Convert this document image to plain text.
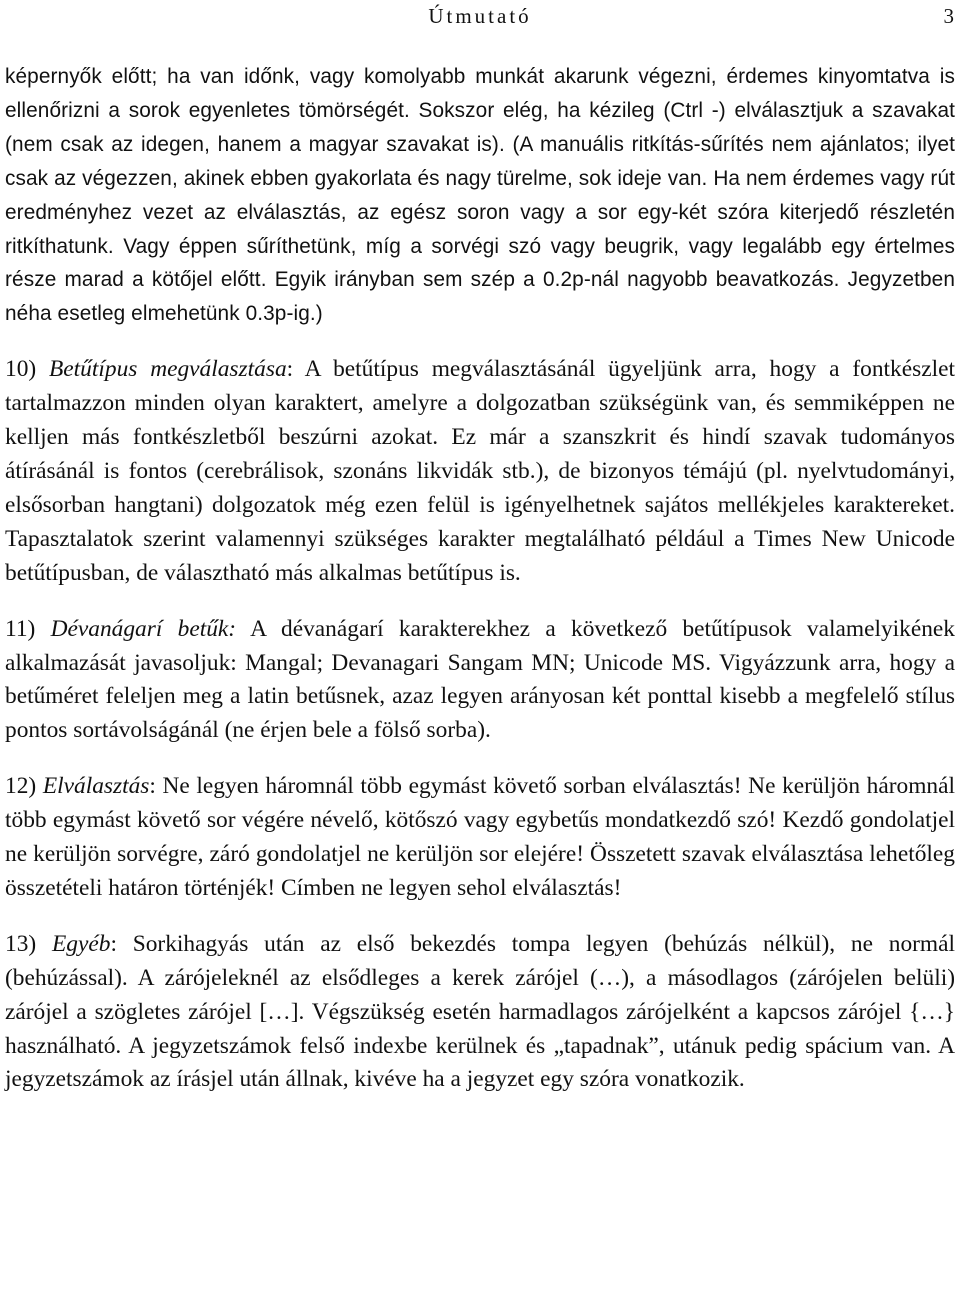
Útmutató	3

képernyők előtt; ha van időnk, vagy komolyabb munkát akarunk végezni, érdemes kinyomtatva is ellenőrizni a sorok egyenletes tömörségét. Sokszor elég, ha kézileg (Ctrl -) elválasztjuk a szavakat (nem csak az idegen, hanem a magyar szavakat is). (A manuális ritkítás-sűrítés nem ajánlatos; ilyet csak az végezzen, akinek ebben gyakorlata és nagy türelme, sok ideje van. Ha nem érdemes vagy rút eredményhez vezet az elválasztás, az egész soron vagy a sor egy-két szóra kiterjedő részletén ritkíthatunk. Vagy éppen sűríthetünk, míg a sorvégi szó vagy beugrik, vagy legalább egy értelmes része marad a kötőjel előtt. Egyik irányban sem szép a 0.2p-nál nagyobb beavatkozás. Jegyzetben néha esetleg elmehetünk 0.3p-ig.)

10) Betűtípus megválasztása: A betűtípus megválasztásánál ügyeljünk arra, hogy a fontkészlet tartalmazzon minden olyan karaktert, amelyre a dolgozatban szükségünk van, és semmiképpen ne kelljen más fontkészletből beszúrni azokat. Ez már a szanszkrit és hindí szavak tudományos átírásánál is fontos (cerebrálisok, szonáns likvidák stb.), de bizonyos témájú (pl. nyelvtudományi, elsősorban hangtani) dolgozatok még ezen felül is igényelhetnek sajátos mellékjeles karaktereket. Tapasztalatok szerint valamennyi szükséges karakter megtalálható például a Times New Unicode betűtípusban, de választható más alkalmas betűtípus is.

11) Dévanágarí betűk: A dévanágarí karakterekhez a következő betűtípusok valamelyikének alkalmazását javasoljuk: Mangal; Devanagari Sangam MN; Unicode MS. Vigyázzunk arra, hogy a betűméret feleljen meg a latin betűsnek, azaz legyen arányosan két ponttal kisebb a megfelelő stílus pontos sortávolságánál (ne érjen bele a fölső sorba).

12) Elválasztás: Ne legyen háromnál több egymást követő sorban elválasztás! Ne kerüljön háromnál több egymást követő sor végére névelő, kötőszó vagy egybetűs mondatkezdő szó! Kezdő gondolatjel ne kerüljön sorvégre, záró gondolatjel ne kerüljön sor elejére! Összetett szavak elválasztása lehetőleg összetételi határon történjék! Címben ne legyen sehol elválasztás!

13) Egyéb: Sorkihagyás után az első bekezdés tompa legyen (behúzás nélkül), ne normál (behúzással). A zárójeleknél az elsődleges a kerek zárójel (…), a másodlagos (zárójelen belüli) zárójel a szögletes zárójel […]. Végszükség esetén harmadlagos zárójelként a kapcsos zárójel {…} használható. A jegyzetszámok felső indexbe kerülnek és „tapadnak”, utánuk pedig spácium van. A jegyzetszámok az írásjel után állnak, kivéve ha a jegyzet egy szóra vonatkozik.
